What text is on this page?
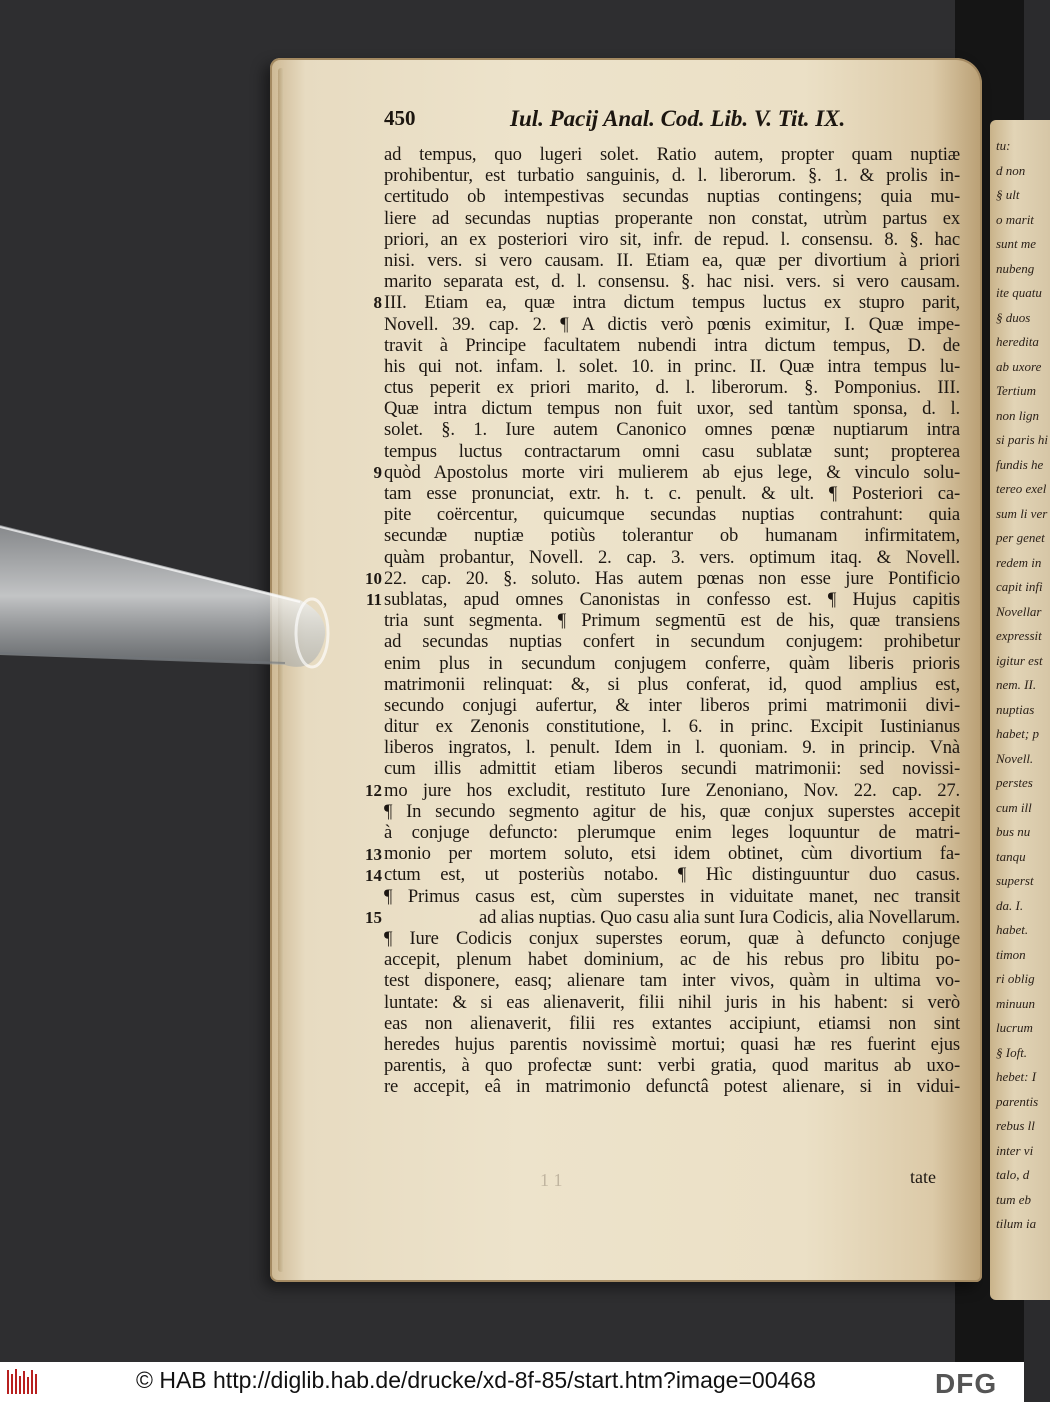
tu:
d non
§ ult
o marit
sunt me
nubeng
ite quatu
§ duos
heredita
ab uxore
Tertium
non lign
si paris hi
fundis he
tereo exel
sum li ver
per genet
redem in
capit infi
Novellar
expressit
igitur est
nem. II.
nuptias
habet; p
Novell.
perstes
cum ill
bus nu
tanqu
superst
da. I.
habet.
timon
ri oblig
minuun
lucrum
§ Ioft.
hebet: I
parentis
rebus ll
inter vi
talo, d
tum eb
tilum ia
450	Iul. Pacij Anal. Cod. Lib. V. Tit. IX.
ad tempus, quo lugeri solet. Ratio autem, propter quam nuptiæ
prohibentur, est turbatio sanguinis, d. l. liberorum. §. 1. & prolis in-
certitudo ob intempestivas secundas nuptias contingens; quia mu-
liere ad secundas nuptias properante non constat, utrùm partus ex
priori, an ex posteriori viro sit, infr. de repud. l. consensu. 8. §. hac
nisi. vers. si vero causam. II. Etiam ea, quæ per divortium à priori
marito separata est, d. l. consensu. §. hac nisi. vers. si vero causam.
III. Etiam ea, quæ intra dictum tempus luctus ex stupro parit,
Novell. 39. cap. 2. ¶ A dictis verò pœnis eximitur, I. Quæ impe-
travit à Principe facultatem nubendi intra dictum tempus, D. de
his qui not. infam. l. solet. 10. in princ. II. Quæ intra tempus lu-
ctus peperit ex priori marito, d. l. liberorum. §. Pomponius. III.
Quæ intra dictum tempus non fuit uxor, sed tantùm sponsa, d. l.
solet. §. 1. Iure autem Canonico omnes pœnæ nuptiarum intra
tempus luctus contractarum omni casu sublatæ sunt; propterea
quòd Apostolus morte viri mulierem ab ejus lege, & vinculo solu-
tam esse pronunciat, extr. h. t. c. penult. & ult. ¶ Posteriori ca-
pite coërcentur, quicumque secundas nuptias contrahunt: quia
secundæ nuptiæ potiùs tolerantur ob humanam infirmitatem,
quàm probantur, Novell. 2. cap. 3. vers. optimum itaq. & Novell.
22. cap. 20. §. soluto. Has autem pœnas non esse jure Pontificio
sublatas, apud omnes Canonistas in confesso est. ¶ Hujus capitis
tria sunt segmenta. ¶ Primum segmentū est de his, quæ transiens
ad secundas nuptias confert in secundum conjugem: prohibetur
enim plus in secundum conjugem conferre, quàm liberis prioris
matrimonii relinquat: &, si plus conferat, id, quod amplius est,
secundo conjugi aufertur, & inter liberos primi matrimonii divi-
ditur ex Zenonis constitutione, l. 6. in princ. Excipit Iustinianus
liberos ingratos, l. penult. Idem in l. quoniam. 9. in princip. Vnà
cum illis admittit etiam liberos secundi matrimonii: sed novissi-
mo jure hos excludit, restituto Iure Zenoniano, Nov. 22. cap. 27.
¶ In secundo segmento agitur de his, quæ conjux superstes accepit
à conjuge defuncto: plerumque enim leges loquuntur de matri-
monio per mortem soluto, etsi idem obtinet, cùm divortium fa-
ctum est, ut posteriùs notabo. ¶ Hìc distinguuntur duo casus.
¶ Primus casus est, cùm superstes in viduitate manet, nec transit
ad alias nuptias. Quo casu alia sunt Iura Codicis, alia Novellarum.
¶ Iure Codicis conjux superstes eorum, quæ à defuncto conjuge
accepit, plenum habet dominium, ac de his rebus pro libitu po-
test disponere, easq; alienare tam inter vivos, quàm in ultima vo-
luntate: & si eas alienaverit, filii nihil juris in his habent: si verò
eas non alienaverit, filii res extantes accipiunt, etiamsi non sint
heredes hujus parentis novissimè mortui; quasi hæ res fuerint ejus
parentis, à quo profectæ sunt: verbi gratia, quod maritus ab uxo-
re accepit, eâ in matrimonio defunctâ potest alienare, si in vidui-
8
9
10
11
12
13
14
15
1 1	tate
© HAB http://diglib.hab.de/drucke/xd-8f-85/start.htm?image=00468	DFG
